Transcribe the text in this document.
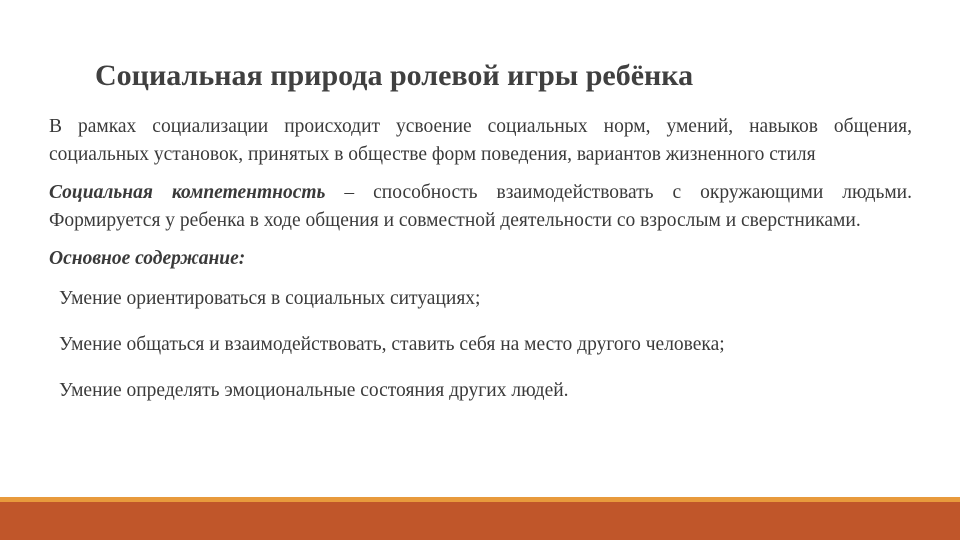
Социальная природа ролевой игры ребёнка

В рамках социализации происходит усвоение социальных норм, умений, навыков общения, социальных установок, принятых в обществе форм поведения, вариантов жизненного стиля

Социальная компетентность – способность взаимодействовать с окружающими людьми. Формируется у ребенка в ходе общения и совместной деятельности со взрослым и сверстниками.

Основное содержание:

Умение ориентироваться в социальных ситуациях;
Умение общаться и взаимодействовать, ставить себя на место другого человека;
Умение определять эмоциональные состояния других людей.
